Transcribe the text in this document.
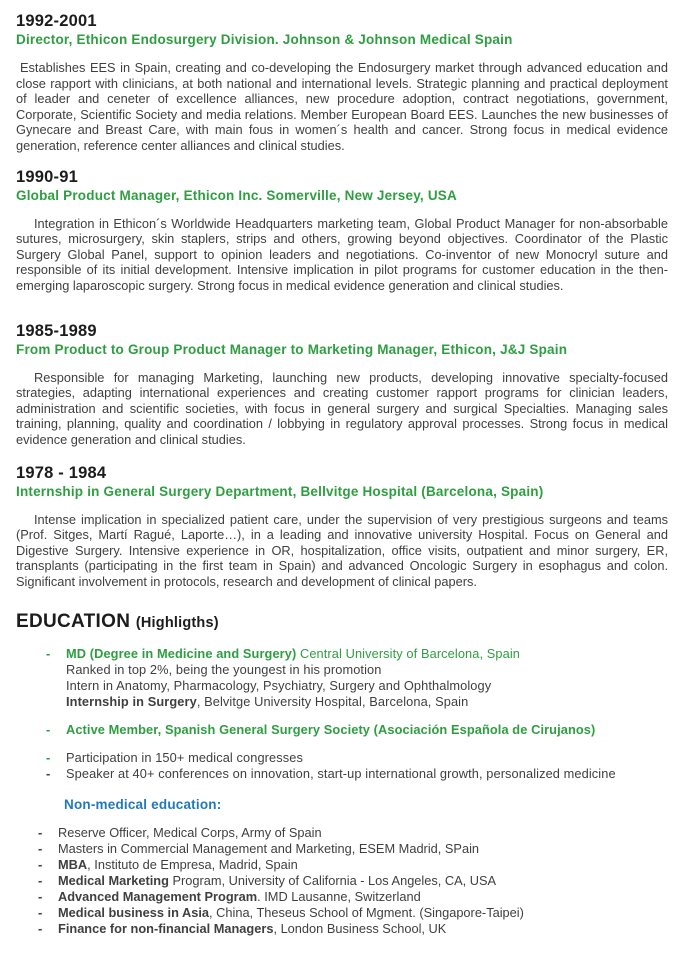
1992-2001
Director, Ethicon Endosurgery Division. Johnson & Johnson Medical Spain

Establishes EES in Spain, creating and co-developing the Endosurgery market through advanced education and close rapport with clinicians, at both national and international levels. Strategic planning and practical deployment of leader and ceneter of excellence alliances, new procedure adoption, contract negotiations, government, Corporate, Scientific Society and media relations. Member European Board EES. Launches the new businesses of Gynecare and Breast Care, with main fous in women´s health and cancer. Strong focus in medical evidence generation, reference center alliances and clinical studies.

1990-91
Global Product Manager, Ethicon Inc. Somerville, New Jersey, USA

Integration in Ethicon´s Worldwide Headquarters marketing team, Global Product Manager for non-absorbable sutures, microsurgery, skin staplers, strips and others, growing beyond objectives. Coordinator of the Plastic Surgery Global Panel, support to opinion leaders and negotiations. Co-inventor of new Monocryl suture and responsible of its initial development. Intensive implication in pilot programs for customer education in the then-emerging laparoscopic surgery. Strong focus in medical evidence generation and clinical studies.

1985-1989
From Product to Group Product Manager to Marketing Manager, Ethicon, J&J Spain

Responsible for managing Marketing, launching new products, developing innovative specialty-focused strategies, adapting international experiences and creating customer rapport programs for clinician leaders, administration and scientific societies, with focus in general surgery and surgical Specialties. Managing sales training, planning, quality and coordination / lobbying in regulatory approval processes. Strong focus in medical evidence generation and clinical studies.

1978 - 1984
Internship in General Surgery Department, Bellvitge Hospital (Barcelona, Spain)

Intense implication in specialized patient care, under the supervision of very prestigious surgeons and teams (Prof. Sitges, Martí Ragué, Laporte…), in a leading and innovative university Hospital. Focus on General and Digestive Surgery. Intensive experience in OR, hospitalization, office visits, outpatient and minor surgery, ER, transplants (participating in the first team in Spain) and advanced Oncologic Surgery in esophagus and colon. Significant involvement in protocols, research and development of clinical papers.

EDUCATION (Highligths)
-	MD (Degree in Medicine and Surgery) Central University of Barcelona, Spain
Ranked in top 2%, being the youngest in his promotion
Intern in Anatomy, Pharmacology, Psychiatry, Surgery and Ophthalmology
Internship in Surgery, Belvitge University Hospital, Barcelona, Spain
-	Active Member, Spanish General Surgery Society (Asociación Española de Cirujanos)
-	Participation in 150+ medical congresses
-	Speaker at 40+ conferences on innovation, start-up international growth, personalized medicine
Non-medical education:
-	Reserve Officer, Medical Corps, Army of Spain
-	Masters in Commercial Management and Marketing, ESEM Madrid, SPain
-	MBA, Instituto de Empresa, Madrid, Spain
-	Medical Marketing Program, University of California - Los Angeles, CA, USA
-	Advanced Management Program. IMD Lausanne, Switzerland
-	Medical business in Asia, China, Theseus School of Mgment. (Singapore-Taipei)
-	Finance for non-financial Managers, London Business School, UK
